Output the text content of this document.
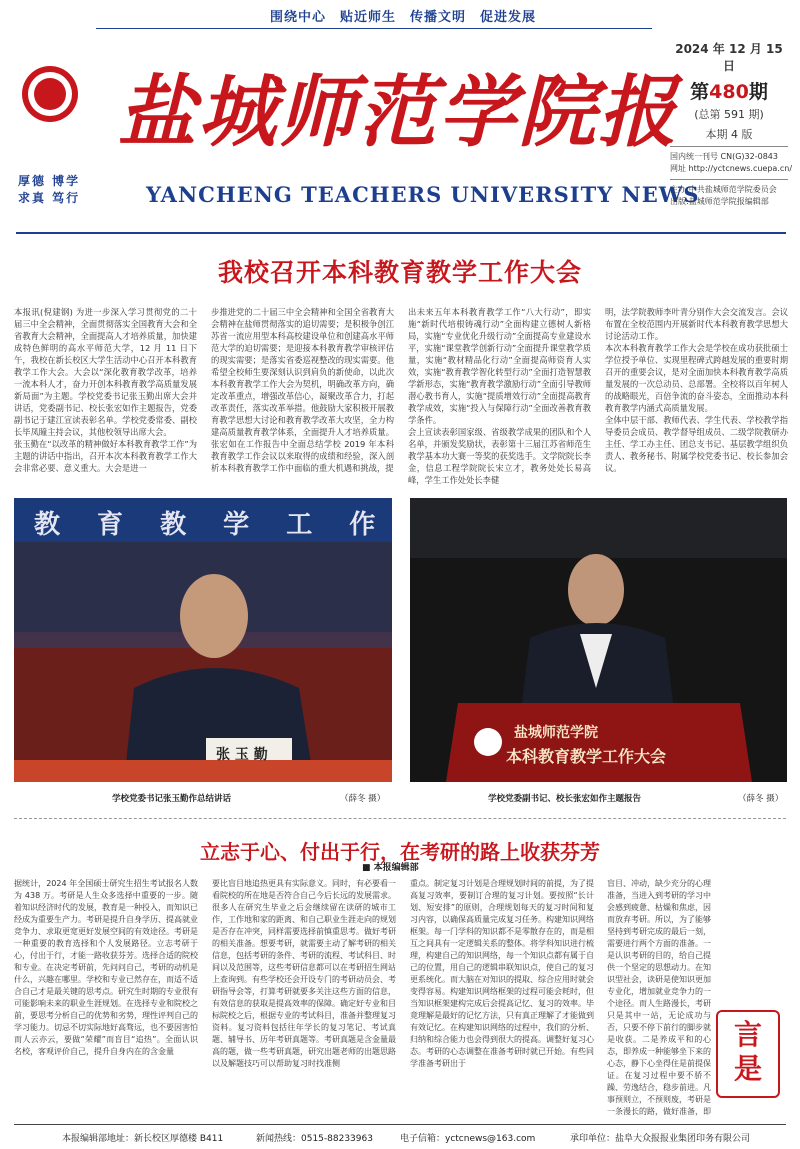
围绕中心　贴近师生　传播文明　促进发展
厚德 博学
求真 笃行
盐城师范学院报
YANCHENG TEACHERS UNIVERSITY NEWS
2024 年 12 月 15 日
第480期
(总第 591 期)
本期 4 版
国内统一刊号 CN(G)32-0843
网址 http://yctcnews.cuepa.cn/
主办:中共盐城师范学院委员会
出版:盐城师范学院报编辑部
我校召开本科教育教学工作大会
本报讯(倪建钢) 为进一步深入学习贯彻党的二十届三中全会精神，全面贯彻落实全国教育大会和全省教育大会精神，全面提高人才培养质量，加快建成特色鲜明的高水平师范大学，12 月 11 日下午，我校在新长校区大学生活动中心召开本科教育教学工作大会。大会以“深化教育教学改革，培养一流本科人才，奋力开创本科教育教学高质量发展新局面”为主题。学校党委书记张玉勤出席大会并讲话，党委副书记、校长张宏如作主题报告，党委副书记于建江宣读表彰名单。学校党委常委、副校长毕凤瞳主持会议，其他校领导出席大会。
张玉勤在“以改革的精神做好本科教育教学工作”为主题的讲话中指出，召开本次本科教育教学工作大会非常必要、意义重大。大会是进一
步推进党的二十届三中全会精神和全国全省教育大会精神在盐师贯彻落实的追切需要；是积极争创江苏省一流应用型本科高校建设单位和创建高水平师范大学的迫切需要；是迎接本科教育教学审核评估的现实需要；是落实省委巡视整改的现实需要。他希望全校师生要深刻认识到肩负的新使命，以此次本科教育教学工作大会为契机，明确改革方向，确定改革重点，增强改革信心，凝聚改革合力，打起改革责任，落实改革举措。他鼓励大家积极开展教育教学思想大讨论和教育教学改革大攻坚，全力构建高质量教育教学体系，全面提升人才培养质量。张宏如在工作报告中全面总结学校 2019 年本科教育教学工作会议以来取得的成绩和经验，深入剖析本科教育教学工作中面临的重大机遇和挑战，提
出未来五年本科教育教学工作“八大行动”，即实施“新时代培根铸魂行动”全面构建立德树人新格局，实施“专业优化升级行动”全面提高专业建设水平，实施“课堂教学创新行动”全面提升课堂教学质量，实施“教材精品化行动”全面提高师资育人实效，实施“教育教学智化转型行动”全面打造智慧教学新形态，实施“教育教学激励行动”全面引导教师潜心教书育人，实施“提质增效行动”全面提高教育教学成效，实施“投入与保障行动”全面改善教育教学条件。
会上宣读表彰国家级、省级教学成果的团队和个人名单，并颁发奖励状，表彰第十三届江苏省师范生教学基本功大赛一等奖的获奖选手。文学院院长李金，信息工程学院院长宋立才，教务处处长易高峰，学生工作处处长李健
明，法学院教师李叶青分别作大会交流发言。会议布置在全校范围内开展新时代本科教育教学思想大讨论活动工作。
本次本科教育教学工作大会是学校在成功获批硕士学位授予单位、实现里程碑式跨越发展的重要时期召开的重要会议，是对全面加快本科教育教学高质量发展的一次总动员、总部署。全校将以百年树人的战略眼光，百倍争流的奋斗姿态，全面推动本科教育教学内涵式高质量发展。
全体中层干部、教师代表、学生代表、学校教学指导委员会成员、教学督导组成员、二级学院教研办主任、学工办主任、团总支书记、基层教学组织负责人、教务秘书、附属学校党委书记、校长参加会议。
教 育 教 学 工 作
张 玉 勤
学校党委书记张玉勤作总结讲话	（薛冬 摄）
盐城师范学院
本科教育教学工作大会
学校党委副书记、校长张宏如作主题报告	（薛冬 摄）
立志于心、付出于行，在考研的路上收获芬芳
■ 本报编辑部
据统计，2024 年全国硕士研究生招生考试报名人数为 438 万。考研是人生众多选择中重要的一步。随着知识经济时代的发展，教育是一种投入，而知识已经成为重要生产力。考研是提升自身学历、提高就业竞争力、求取更宽更好发展空间的有效途径。考研是一种重要的教育选择和个人发展路径。立志考研于心，付出于行，才能一路收获芬芳。选择合适的院校和专业。在决定考研前，先问问自己，考研的动机是什么，兴趣在哪里。学校和专业已然存在，而适不适合自己才是最关键的思考点。研究生时期的专业很有可能影响未来的职业生涯规划。在选择专业和院校之前，要思考分析自己的优势和劣势，理性评判自己的学习能力。切忌不切实际地好高骛远，也不要因害怕而人云亦云，要做“荣耀”而盲目“追热”。全面认识名校，客观评价自己，提升自身内在的含金量
要比盲目地追热更具有实际意义。同时，有必要看一看院校的所在地是否符合自己今后长远的发展需求。很多人在研究生毕业之后会继续留在读研的城市工作，工作地和家的距离、和自己职业生涯走向的规划是否存在冲突，同样需要选择前慎重思考。做好考研的相关准备。想要考研，就需要主动了解考研的相关信息，包括考研的条件、考研的流程、考试科目、时间以及范围等，这些考研信息都可以在考研招生网站上查询到。有些学校还会开设专门的考研动员会、考研指导会等，打算考研就要多关注这些方面的信息，有效信息的获取是提高效率的保障。确定好专业和目标院校之后，根据专业的考试科目，准备并整理复习资料。复习资料包括往年学长的复习笔记、考试真题、辅导书、历年考研真题等。考研真题是含金量最高的题，做一些考研真题，研究出题老师的出题思路以及解题技巧可以帮助复习时找准侧
重点。制定复习计划是合理规划时间的前提，为了提高复习效率，要制订合理的复习计划。要按照“长计划、短安排”的原则，合理规划每天的复习时间和复习内容，以确保高质量完成复习任务。构建知识网络框架。每一门学科的知识都不是零散存在的，而是相互之间具有一定逻辑关系的整体。将学科知识进行梳理，构建自己的知识网络，每一个知识点都有属于自己的位置，用自己的逻辑串联知识点，使自己的复习更系统化。而大脑在对知识的提取、综合应用时就会变得容易。构建知识网络框架的过程可能会耗时，但当知识框架建构完成后会提高记忆、复习的效率。毕竟理解是最好的记忆方法，只有真正理解了才能做到有效记忆。在构建知识网络的过程中，我们的分析、归纳和综合能力也会得到很大的提高。调整好复习心态。考研的心态调整在准备考研时就已开始。有些同学准备考研出于
盲目、冲动，缺少充分的心理准备，当进入到考研的学习中会感到疲惫、枯燥和焦虑，因而放弃考研。所以，为了能够坚持到考研完成的最后一刻，需要进行两个方面的准备。一是认识考研的目的，给自己提供一个坚定的思想动力。在知识型社会，读研是使知识更加专业化，增加就业竞争力的一个途径。而人生路漫长，考研只是其中一站，无论成功与否，只要不停下前行的脚步就是收获。二是养成平和的心态，即养成一种能够坐下来的心态，静下心坐得住是前提保证。在复习过程中要不骄不躁、劳逸结合，稳步前进。凡事预则立，不预则废，考研是一条漫长的路，做好准备，即
言是
本报编辑部地址：新长校区厚德楼 B411	新闻热线：0515-88233963	电子信箱：yctcnews@163.com	承印单位：盐阜大众报报业集团印务有限公司
